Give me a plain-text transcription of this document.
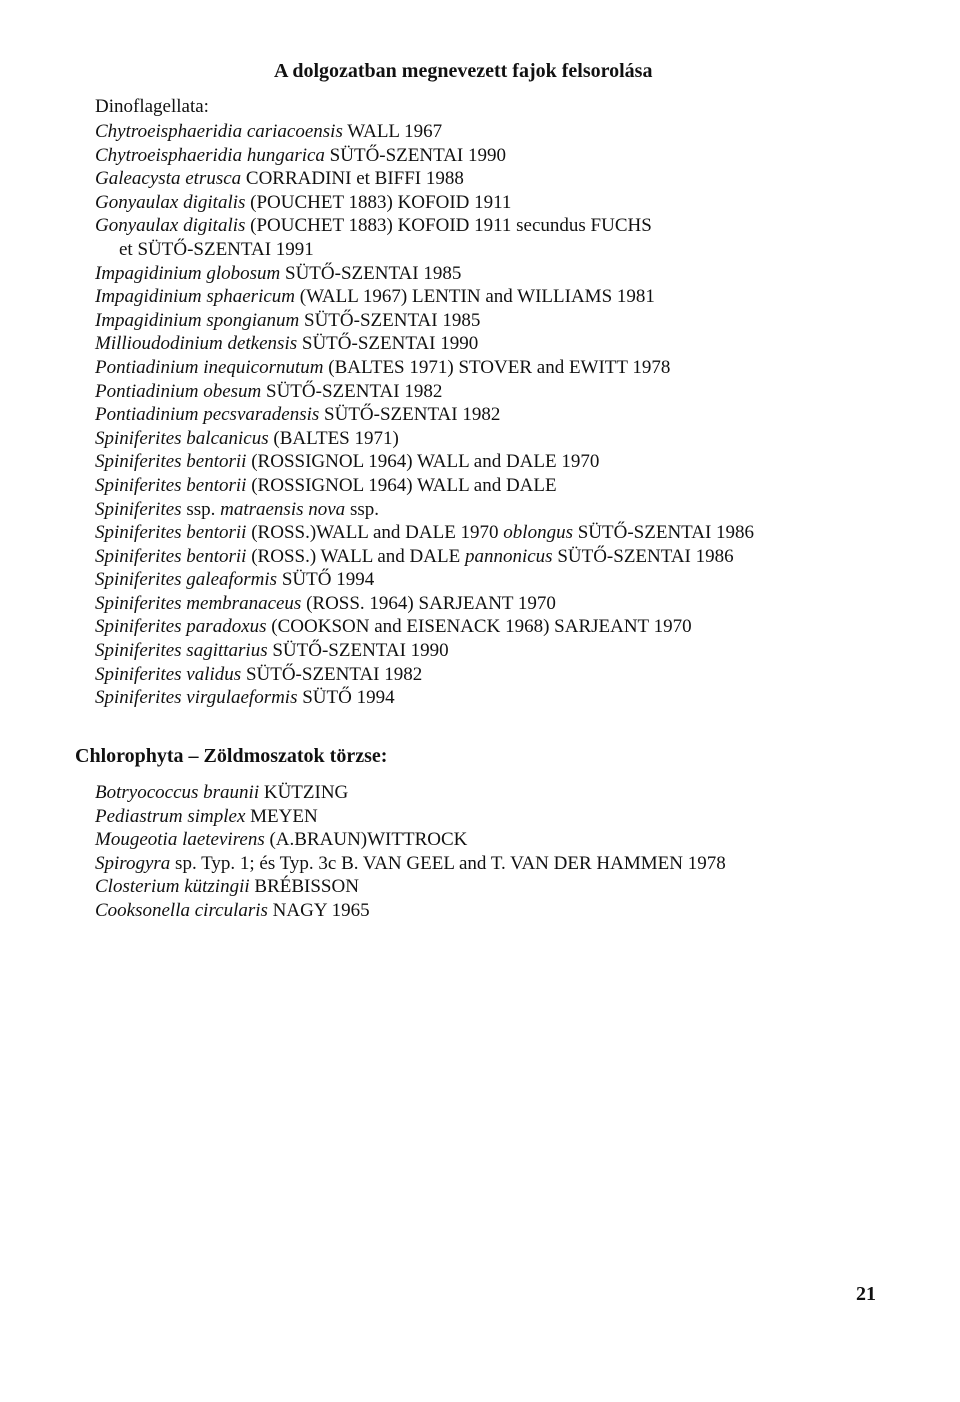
A dolgozatban megnevezett fajok felsorolása
Dinoflagellata:
Chytroeisphaeridia cariacoensis WALL 1967
Chytroeisphaeridia hungarica SÜTŐ-SZENTAI 1990
Galeacysta etrusca CORRADINI et BIFFI 1988
Gonyaulax digitalis (POUCHET 1883) KOFOID 1911
Gonyaulax digitalis (POUCHET 1883) KOFOID 1911 secundus FUCHS
et SÜTŐ-SZENTAI 1991
Impagidinium globosum SÜTŐ-SZENTAI 1985
Impagidinium sphaericum (WALL 1967) LENTIN and WILLIAMS 1981
Impagidinium spongianum SÜTŐ-SZENTAI 1985
Millioudodinium detkensis SÜTŐ-SZENTAI 1990
Pontiadinium inequicornutum (BALTES 1971) STOVER and EWITT 1978
Pontiadinium obesum SÜTŐ-SZENTAI 1982
Pontiadinium pecsvaradensis SÜTŐ-SZENTAI 1982
Spiniferites balcanicus (BALTES 1971)
Spiniferites bentorii (ROSSIGNOL 1964) WALL and DALE 1970
Spiniferites bentorii (ROSSIGNOL 1964) WALL and DALE
Spiniferites ssp. matraensis nova ssp.
Spiniferites bentorii (ROSS.)WALL and DALE 1970 oblongus SÜTŐ-SZENTAI 1986
Spiniferites bentorii (ROSS.) WALL and DALE pannonicus SÜTŐ-SZENTAI 1986
Spiniferites galeaformis SÜTŐ 1994
Spiniferites membranaceus (ROSS. 1964) SARJEANT 1970
Spiniferites paradoxus (COOKSON and EISENACK 1968) SARJEANT 1970
Spiniferites sagittarius SÜTŐ-SZENTAI 1990
Spiniferites validus SÜTŐ-SZENTAI 1982
Spiniferites virgulaeformis SÜTŐ 1994
Chlorophyta – Zöldmoszatok törzse:
Botryococcus braunii KÜTZING
Pediastrum simplex MEYEN
Mougeotia laetevirens (A.BRAUN)WITTROCK
Spirogyra sp. Typ. 1; és Typ. 3c B. VAN GEEL and T. VAN DER HAMMEN 1978
Closterium kützingii BRÉBISSON
Cooksonella circularis NAGY 1965
21
